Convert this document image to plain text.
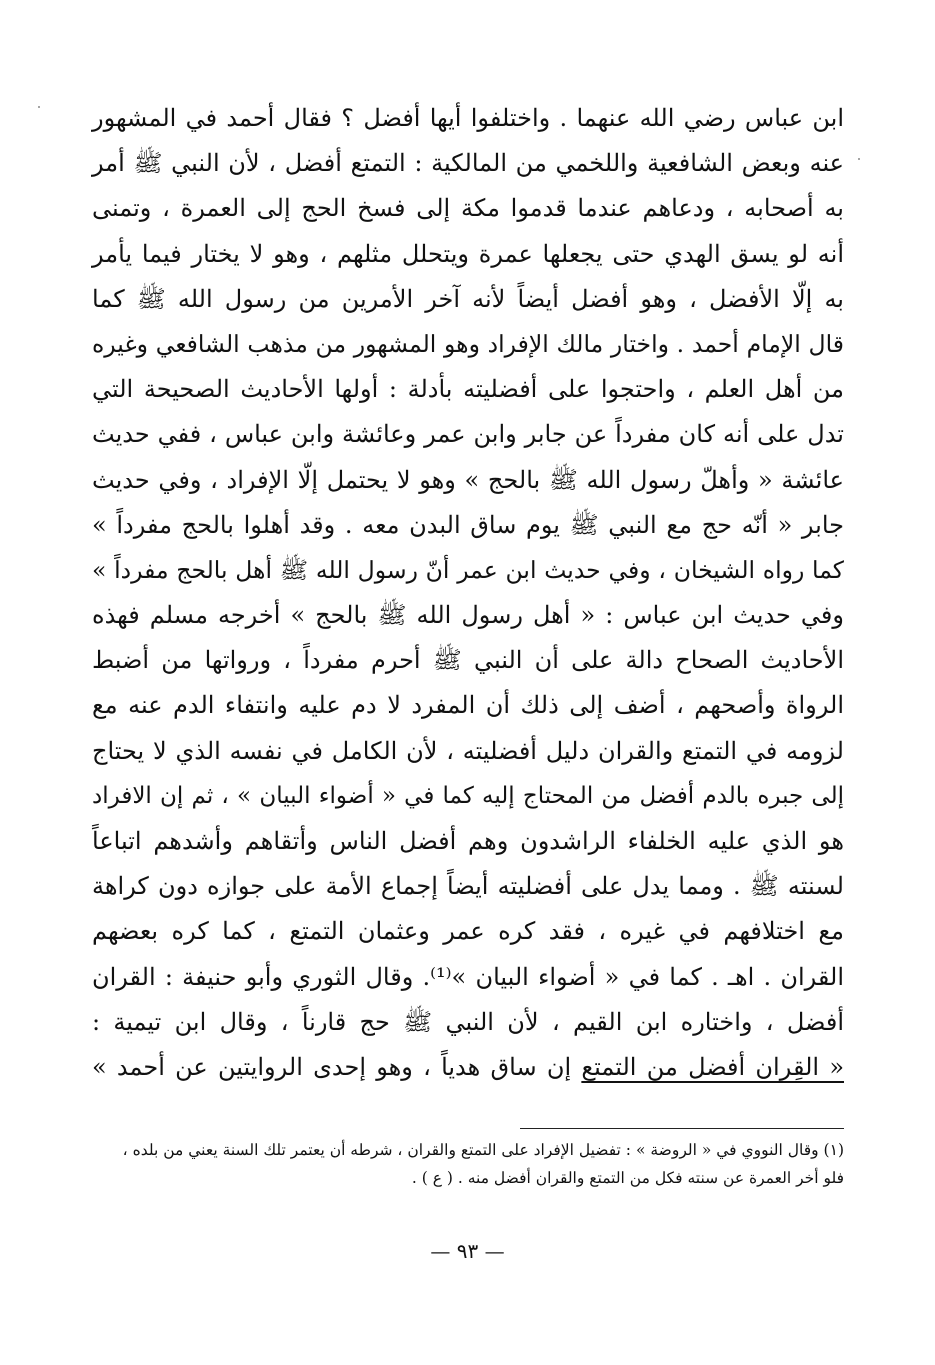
ابن عباس رضي الله عنهما . واختلفوا أيها أفضل ؟ فقال أحمد في المشهور
عنه وبعض الشافعية واللخمي من المالكية : التمتع أفضل ، لأن النبي ﷺ أمر
به أصحابه ، ودعاهم عندما قدموا مكة إلى فسخ الحج إلى العمرة ، وتمنى
أنه لو يسق الهدي حتى يجعلها عمرة ويتحلل مثلهم ، وهو لا يختار فيما يأمر
به إلّا الأفضل ، وهو أفضل أيضاً لأنه آخر الأمرين من رسول الله ﷺ كما
قال الإمام أحمد . واختار مالك الإفراد وهو المشهور من مذهب الشافعي وغيره
من أهل العلم ، واحتجوا على أفضليته بأدلة : أولها الأحاديث الصحيحة التي
تدل على أنه كان مفرداً عن جابر وابن عمر وعائشة وابن عباس ، ففي حديث
عائشة « وأهلّ رسول الله ﷺ بالحج » وهو لا يحتمل إلّا الإفراد ، وفي حديث
جابر « أنّه حج مع النبي ﷺ يوم ساق البدن معه . وقد أهلوا بالحج مفرداً »
كما رواه الشيخان ، وفي حديث ابن عمر أنّ رسول الله ﷺ أهل بالحج مفرداً »
وفي حديث ابن عباس : « أهل رسول الله ﷺ بالحج » أخرجه مسلم فهذه
الأحاديث الصحاح دالة على أن النبي ﷺ أحرم مفرداً ، ورواتها من أضبط
الرواة وأصحهم ، أضف إلى ذلك أن المفرد لا دم عليه وانتفاء الدم عنه مع
لزومه في التمتع والقران دليل أفضليته ، لأن الكامل في نفسه الذي لا يحتاج
إلى جبره بالدم أفضل من المحتاج إليه كما في « أضواء البيان » ، ثم إن الافراد
هو الذي عليه الخلفاء الراشدون وهم أفضل الناس وأتقاهم وأشدهم اتباعاً
لسنته ﷺ . ومما يدل على أفضليته أيضاً إجماع الأمة على جوازه دون كراهة
مع اختلافهم في غيره ، فقد كره عمر وعثمان التمتع ، كما كره بعضهم
القران . اهـ . كما في « أضواء البيان »⁽¹⁾. وقال الثوري وأبو حنيفة : القران
أفضل ، واختاره ابن القيم ، لأن النبي ﷺ حج قارناً ، وقال ابن تيمية :
« القِران أفضل من التمتع إن ساق هدياً ، وهو إحدى الروايتين عن أحمد »
(١) وقال النووي في « الروضة » : تفضيل الإفراد على التمتع والقران ، شرطه أن يعتمر تلك السنة يعني من بلده ،
فلو أخر العمرة عن سنته فكل من التمتع والقران أفضل منه . ( ع ) .
— ٩٣ —
